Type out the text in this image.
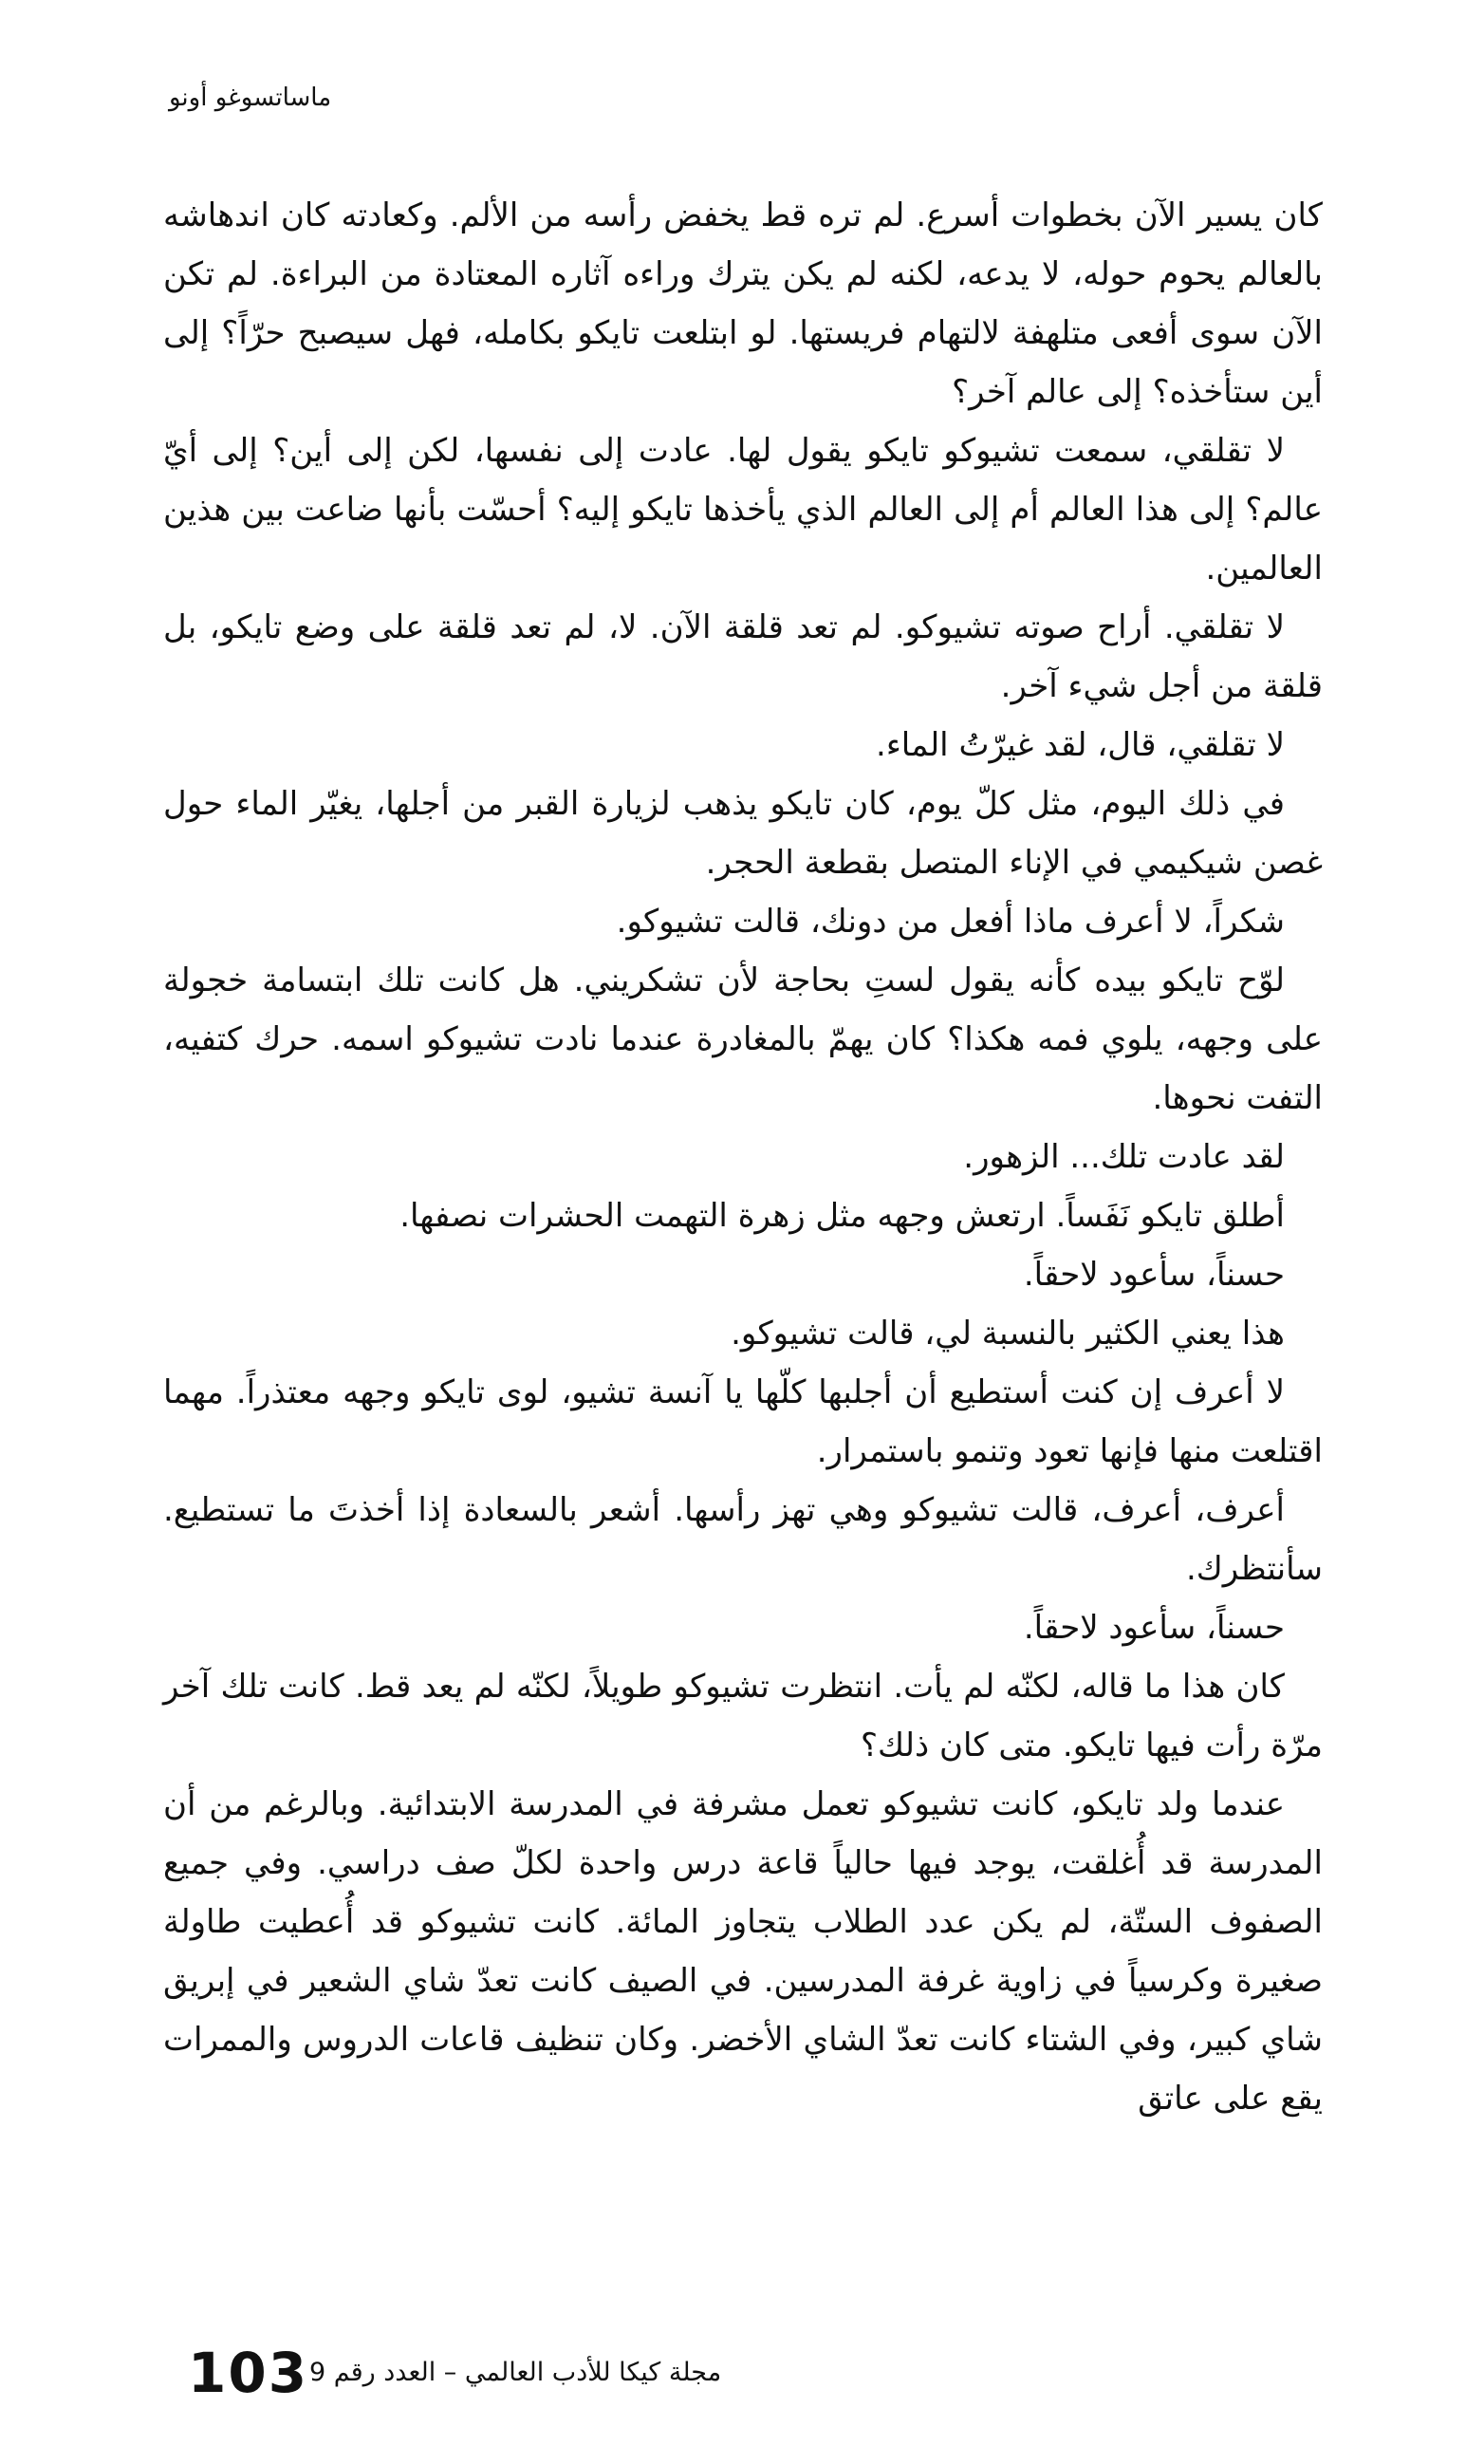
ماساتسوغو أونو

كان يسير الآن بخطوات أسرع. لم تره قط يخفض رأسه من الألم. وكعادته كان اندهاشه بالعالم يحوم حوله، لا يدعه، لكنه لم يكن يترك وراءه آثاره المعتادة من البراءة. لم تكن الآن سوى أفعى متلهفة لالتهام فريستها. لو ابتلعت تايكو بكامله، فهل سيصبح حرّاً؟ إلى أين ستأخذه؟ إلى عالم آخر؟

لا تقلقي، سمعت تشيوكو تايكو يقول لها. عادت إلى نفسها، لكن إلى أين؟ إلى أيّ عالم؟ إلى هذا العالم أم إلى العالم الذي يأخذها تايكو إليه؟ أحسّت بأنها ضاعت بين هذين العالمين.

لا تقلقي. أراح صوته تشيوكو. لم تعد قلقة الآن. لا، لم تعد قلقة على وضع تايكو، بل قلقة من أجل شيء آخر.

لا تقلقي، قال، لقد غيرّتُ الماء.

في ذلك اليوم، مثل كلّ يوم، كان تايكو يذهب لزيارة القبر من أجلها، يغيّر الماء حول غصن شيكيمي في الإناء المتصل بقطعة الحجر.

شكراً، لا أعرف ماذا أفعل من دونك، قالت تشيوكو.

لوّح تايكو بيده كأنه يقول لستِ بحاجة لأن تشكريني. هل كانت تلك ابتسامة خجولة على وجهه، يلوي فمه هكذا؟ كان يهمّ بالمغادرة عندما نادت تشيوكو اسمه. حرك كتفيه، التفت نحوها.

لقد عادت تلك... الزهور.

أطلق تايكو نَفَساً. ارتعش وجهه مثل زهرة التهمت الحشرات نصفها.

حسناً، سأعود لاحقاً.

هذا يعني الكثير بالنسبة لي، قالت تشيوكو.

لا أعرف إن كنت أستطيع أن أجلبها كلّها يا آنسة تشيو، لوى تايكو وجهه معتذراً. مهما اقتلعت منها فإنها تعود وتنمو باستمرار.

أعرف، أعرف، قالت تشيوكو وهي تهز رأسها. أشعر بالسعادة إذا أخذتَ ما تستطيع. سأنتظرك.

حسناً، سأعود لاحقاً.

كان هذا ما قاله، لكنّه لم يأت. انتظرت تشيوكو طويلاً، لكنّه لم يعد قط. كانت تلك آخر مرّة رأت فيها تايكو. متى كان ذلك؟

عندما ولد تايكو، كانت تشيوكو تعمل مشرفة في المدرسة الابتدائية. وبالرغم من أن المدرسة قد أُغلقت، يوجد فيها حالياً قاعة درس واحدة لكلّ صف دراسي. وفي جميع الصفوف الستّة، لم يكن عدد الطلاب يتجاوز المائة. كانت تشيوكو قد أُعطيت طاولة صغيرة وكرسياً في زاوية غرفة المدرسين. في الصيف كانت تعدّ شاي الشعير في إبريق شاي كبير، وفي الشتاء كانت تعدّ الشاي الأخضر. وكان تنظيف قاعات الدروس والممرات يقع على عاتق

103 مجلة كيكا للأدب العالمي – العدد رقم 9
